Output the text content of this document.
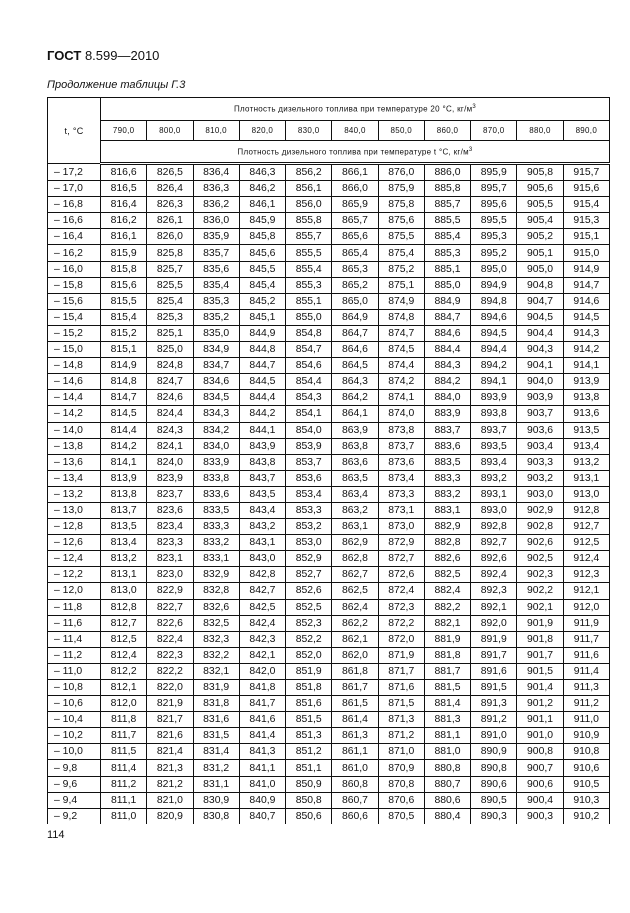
ГОСТ 8.599—2010
Продолжение таблицы Г.3
t, °C	Плотность дизельного топлива при температуре 20 °С, $кг/м^3$
	790,0	800,0	810,0	820,0	830,0	840,0	850,0	860,0	870,0	880,0	890,0
	Плотность дизельного топлива при температуре t °С, $кг/м^3$
– 17,2	816,6	826,5	836,4	846,3	856,2	866,1	876,0	886,0	895,9	905,8	915,7
– 17,0	816,5	826,4	836,3	846,2	856,1	866,0	875,9	885,8	895,7	905,6	915,6
– 16,8	816,4	826,3	836,2	846,1	856,0	865,9	875,8	885,7	895,6	905,5	915,4
– 16,6	816,2	826,1	836,0	845,9	855,8	865,7	875,6	885,5	895,5	905,4	915,3
– 16,4	816,1	826,0	835,9	845,8	855,7	865,6	875,5	885,4	895,3	905,2	915,1
– 16,2	815,9	825,8	835,7	845,6	855,5	865,4	875,4	885,3	895,2	905,1	915,0
– 16,0	815,8	825,7	835,6	845,5	855,4	865,3	875,2	885,1	895,0	905,0	914,9
– 15,8	815,6	825,5	835,4	845,4	855,3	865,2	875,1	885,0	894,9	904,8	914,7
– 15,6	815,5	825,4	835,3	845,2	855,1	865,0	874,9	884,9	894,8	904,7	914,6
– 15,4	815,4	825,3	835,2	845,1	855,0	864,9	874,8	884,7	894,6	904,5	914,5
– 15,2	815,2	825,1	835,0	844,9	854,8	864,7	874,7	884,6	894,5	904,4	914,3
– 15,0	815,1	825,0	834,9	844,8	854,7	864,6	874,5	884,4	894,4	904,3	914,2
– 14,8	814,9	824,8	834,7	844,7	854,6	864,5	874,4	884,3	894,2	904,1	914,1
– 14,6	814,8	824,7	834,6	844,5	854,4	864,3	874,2	884,2	894,1	904,0	913,9
– 14,4	814,7	824,6	834,5	844,4	854,3	864,2	874,1	884,0	893,9	903,9	913,8
– 14,2	814,5	824,4	834,3	844,2	854,1	864,1	874,0	883,9	893,8	903,7	913,6
– 14,0	814,4	824,3	834,2	844,1	854,0	863,9	873,8	883,7	893,7	903,6	913,5
– 13,8	814,2	824,1	834,0	843,9	853,9	863,8	873,7	883,6	893,5	903,4	913,4
– 13,6	814,1	824,0	833,9	843,8	853,7	863,6	873,6	883,5	893,4	903,3	913,2
– 13,4	813,9	823,9	833,8	843,7	853,6	863,5	873,4	883,3	893,2	903,2	913,1
– 13,2	813,8	823,7	833,6	843,5	853,4	863,4	873,3	883,2	893,1	903,0	913,0
– 13,0	813,7	823,6	833,5	843,4	853,3	863,2	873,1	883,1	893,0	902,9	912,8
– 12,8	813,5	823,4	833,3	843,2	853,2	863,1	873,0	882,9	892,8	902,8	912,7
– 12,6	813,4	823,3	833,2	843,1	853,0	862,9	872,9	882,8	892,7	902,6	912,5
– 12,4	813,2	823,1	833,1	843,0	852,9	862,8	872,7	882,6	892,6	902,5	912,4
– 12,2	813,1	823,0	832,9	842,8	852,7	862,7	872,6	882,5	892,4	902,3	912,3
– 12,0	813,0	822,9	832,8	842,7	852,6	862,5	872,4	882,4	892,3	902,2	912,1
– 11,8	812,8	822,7	832,6	842,5	852,5	862,4	872,3	882,2	892,1	902,1	912,0
– 11,6	812,7	822,6	832,5	842,4	852,3	862,2	872,2	882,1	892,0	901,9	911,9
– 11,4	812,5	822,4	832,3	842,3	852,2	862,1	872,0	881,9	891,9	901,8	911,7
– 11,2	812,4	822,3	832,2	842,1	852,0	862,0	871,9	881,8	891,7	901,7	911,6
– 11,0	812,2	822,2	832,1	842,0	851,9	861,8	871,7	881,7	891,6	901,5	911,4
– 10,8	812,1	822,0	831,9	841,8	851,8	861,7	871,6	881,5	891,5	901,4	911,3
– 10,6	812,0	821,9	831,8	841,7	851,6	861,5	871,5	881,4	891,3	901,2	911,2
– 10,4	811,8	821,7	831,6	841,6	851,5	861,4	871,3	881,3	891,2	901,1	911,0
– 10,2	811,7	821,6	831,5	841,4	851,3	861,3	871,2	881,1	891,0	901,0	910,9
– 10,0	811,5	821,4	831,4	841,3	851,2	861,1	871,0	881,0	890,9	900,8	910,8
– 9,8	811,4	821,3	831,2	841,1	851,1	861,0	870,9	880,8	890,8	900,7	910,6
– 9,6	811,2	821,2	831,1	841,0	850,9	860,8	870,8	880,7	890,6	900,6	910,5
– 9,4	811,1	821,0	830,9	840,9	850,8	860,7	870,6	880,6	890,5	900,4	910,3
– 9,2	811,0	820,9	830,8	840,7	850,6	860,6	870,5	880,4	890,3	900,3	910,2
114
